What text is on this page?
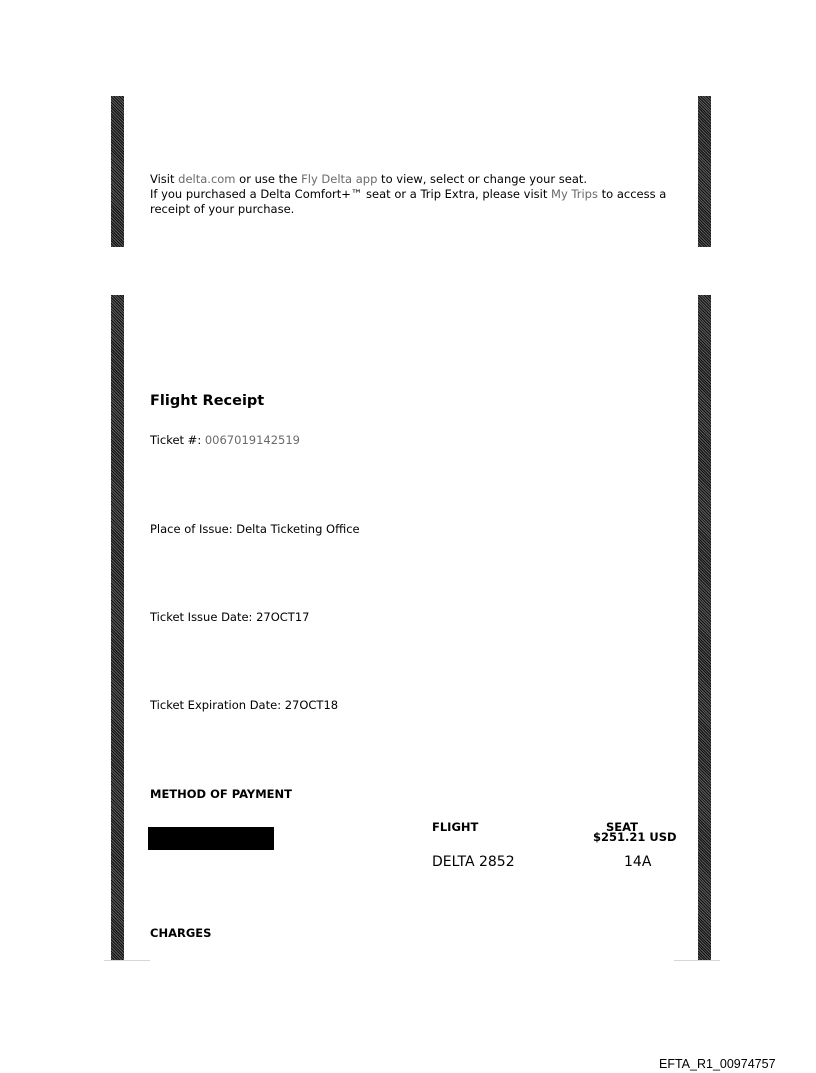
Visit delta.com or use the Fly Delta app to view, select or change your seat.
If you purchased a Delta Comfort+™ seat or a Trip Extra, please visit My Trips to access a
receipt of your purchase.
Flight Receipt
Ticket #: 0067019142519
Place of Issue: Delta Ticketing Office
Ticket Issue Date: 27OCT17
Ticket Expiration Date: 27OCT18
METHOD OF PAYMENT
FLIGHT	SEAT
$251.21 USD
DELTA 2852	14A
CHARGES
EFTA_R1_00974757
